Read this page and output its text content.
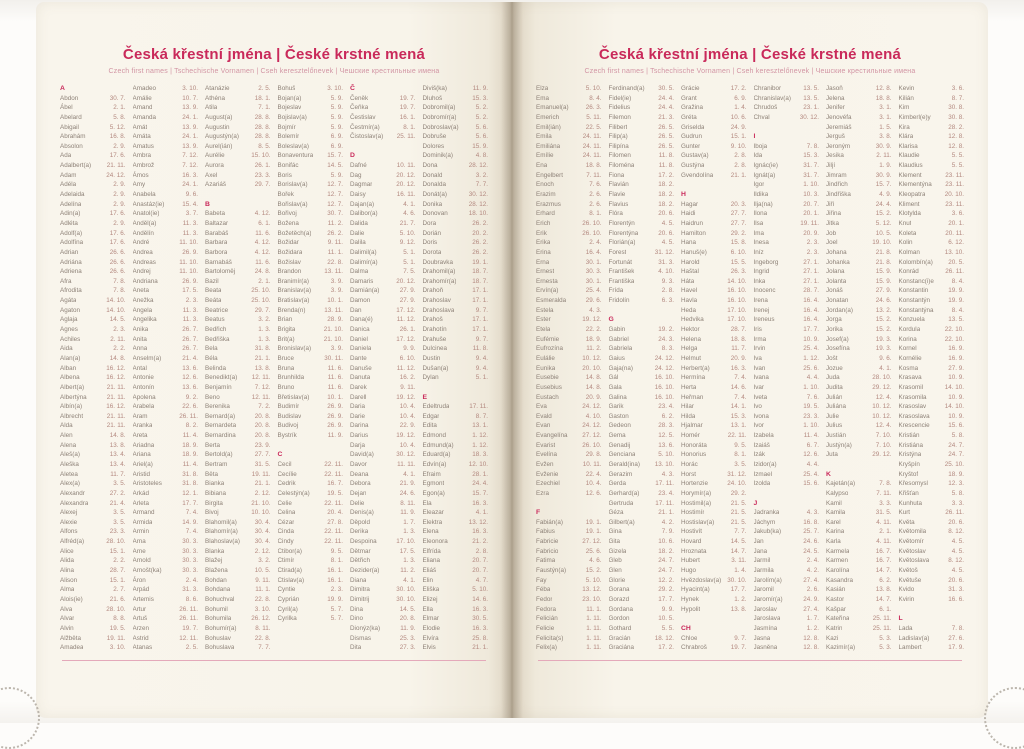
Česká křestní jména | České krstné mená
Czech first names | Tschechische Vornamen | Cseh keresztelőnevek | Чешские крестильные имена
A
Abdon	30. 7.
Ábel	2. 1.
Abelard	5. 8.
Abigail	5. 12.
Abrahám	16. 8.
Absolon	2. 9.
Ada	17. 6.
Adalbert(a)	21. 11.
Adam	24. 12.
Adéla	2. 9.
Adelaida	2. 9.
Adelína	2. 9.
Adin(a)	17. 6.
Adléta	2. 9.
Adolf(a)	17. 6.
Adolfína	17. 6.
Adrian	26. 6.
Adriána	26. 6.
Adriena	26. 6.
Afra	7. 8.
Afrodita	7. 8.
Agáta	14. 10.
Agaton	14. 10.
Aglaja	14. 5.
Agnes	2. 3.
Achiles	2. 11.
Aida	2. 2.
Alan(a)	14. 8.
Alban	16. 12.
Albena	16. 12.
Albert(a)	21. 11.
Albertýna	21. 11.
Albín(a)	16. 12.
Albrecht	21. 11.
Alda	21. 11.
Alen	14. 8.
Alena	13. 8.
Aleš(a)	13. 4.
Aleška	13. 4.
Aletea	11. 7.
Alex(a)	3. 5.
Alexandr	27. 2.
Alexandra	21. 4.
Alexej	3. 5.
Alexie	3. 5.
Alfons	23. 3.
Alfréd(a)	28. 10.
Alice	15. 1.
Alida	2. 2.
Alina	28. 7.
Alison	15. 1.
Alma	2. 7.
Alois(ie)	21. 6.
Alva	28. 10.
Alvar	8. 8.
Alvin	19. 5.
Alžběta	19. 11.
Amadea	3. 10.
Amadeo	3. 10.
Amálie	10. 7.
Amand	13. 9.
Amanda	24. 1.
Amát	13. 9.
Amáta	24. 1.
Amatus	13. 9.
Ambra	7. 12.
Ambrož	7. 12.
Ámos	16. 3.
Amy	24. 1.
Anabela	9. 6.
Anastáz(ie)	15. 4.
Anatol(ie)	3. 7.
Anděl(a)	11. 3.
Andělín	11. 3.
André	11. 10.
Andrea	26. 9.
Andreas	11. 10.
Andrej	11. 10.
Andriana	26. 9.
Aneta	17. 5.
Anežka	2. 3.
Angela	11. 3.
Angelika	11. 3.
Anika	26. 7.
Anita	26. 7.
Anna	26. 7.
Anselm(a)	21. 4.
Antal	13. 6.
Antonie	12. 6.
Antonín	13. 6.
Apolena	9. 2.
Arabela	22. 6.
Aram	26. 11.
Aranka	8. 2.
Areta	11. 4.
Ariadna	18. 9.
Ariana	18. 9.
Ariel(a)	11. 4.
Aristid	31. 8.
Aristoteles	31. 8.
Arkád	12. 1.
Arleta	17. 7.
Armand	7. 4.
Armida	14. 9.
Armin	7. 4.
Arna	30. 3.
Arne	30. 3.
Arnold	30. 3.
Arnošt(ka)	30. 3.
Áron	2. 4.
Arpád	31. 3.
Artemis	8. 6.
Artur	26. 11.
Artuš	26. 11.
Arzen	19. 7.
Astrid	12. 11.
Atanas	2. 5.
Atanázie	2. 5.
Athéna	18. 1.
Atila	7. 1.
August(a)	28. 8.
Augustin	28. 8.
Augustýn(a)	28. 8.
Aurel(ián)	8. 5.
Aurélie	15. 10.
Aurora	26. 1.
Axel	23. 3.
Azariáš	29. 7.
B
Babeta	4. 12.
Baltazar	6. 1.
Barabáš	11. 6.
Barbara	4. 12.
Barbora	4. 12.
Barnabáš	11. 6.
Bartoloměj	24. 8.
Bazil	2. 1.
Beata	25. 10.
Beáta	25. 10.
Beatrice	29. 7.
Beatus	3. 2.
Bedřich	1. 3.
Bedřiška	1. 3.
Bela	31. 8.
Béla	21. 1.
Belinda	13. 8.
Benedikt(a)	12. 11.
Benjamín	7. 12.
Beno	12. 11.
Berenika	7. 2.
Bernard(a)	20. 8.
Bernardeta	20. 8.
Bernardina	20. 8.
Berta	23. 9.
Bertold(a)	27. 7.
Bertram	31. 5.
Běta	19. 11.
Bianka	21. 1.
Bibiana	2. 12.
Birgita	21. 10.
Bivoj	10. 10.
Blahomil(a)	30. 4.
Blahomír(a)	30. 4.
Blahoslav(a)	30. 4.
Blanka	2. 12.
Blažej	3. 2.
Blažena	10. 5.
Bohdan	9. 11.
Bohdana	11. 1.
Bohuchval	22. 8.
Bohumil	3. 10.
Bohumila	26. 12.
Bohumír(a)	8. 11.
Bohuslav	22. 8.
Bohuslava	7. 7.
Bohuš	3. 10.
Bojan(a)	5. 9.
Bojeslav	5. 9.
Bojislav(a)	5. 9.
Bojmír	5. 9.
Bolemír	6. 9.
Boleslav(a)	6. 9.
Bonaventura	15. 7.
Bonifác	14. 5.
Boris	5. 9.
Borislav(a)	12. 7.
Bořek	12. 7.
Bořislav(a)	12. 7.
Bořivoj	30. 7.
Božena	11. 2.
Božetěch(a)	26. 2.
Božidar	9. 11.
Božidara	11. 1.
Božislav	22. 8.
Brandon	13. 11.
Branimír(a)	3. 9.
Branislav(a)	3. 9.
Bratislav(a)	10. 1.
Brenda(n)	13. 11.
Brian	28. 9.
Brigita	21. 10.
Brit(a)	21. 10.
Bronislav(a)	3. 9.
Bruce	30. 11.
Bruna	11. 6.
Brunhilda	11. 6.
Bruno	11. 6.
Břetislav(a)	10. 1.
Budimír	26. 9.
Budislav	26. 9.
Budivoj	26. 9.
Bystrík	11. 9.
C
Cecil	22. 11.
Cecílie	22. 11.
Cedrik	16. 7.
Celestýn(a)	19. 5.
Celie	22. 11.
Celina	20. 4.
Cézar	27. 8.
Cinda	22. 11.
Cindy	22. 11.
Ctibor(a)	9. 5.
Ctimír	8. 1.
Ctirad(a)	16. 1.
Ctislav(a)	16. 1.
Cyntie	2. 3.
Cyprián	19. 9.
Cyril(a)	5. 7.
Cyrilka	5. 7.
Č
Čeněk	19. 7.
Čeňka	19. 7.
Čestislav	16. 1.
Čestmír(a)	8. 1.
Čistoslav(a)	25. 11.
D
Dafné	10. 11.
Dag	20. 12.
Dagmar	20. 12.
Daisy	16. 11.
Dajan(a)	4. 1.
Dalibor(a)	4. 6.
Dalida	21. 7.
Dalie	5. 10.
Dalila	9. 12.
Dalimil(a)	5. 1.
Dalimír(a)	5. 1.
Dalma	7. 5.
Damaris	20. 12.
Damián(a)	27. 9.
Damon	27. 9.
Dan	17. 12.
Dana(é)	11. 12.
Danica	26. 1.
Daniel	17. 12.
Daniela	9. 9.
Dante	6. 10.
Danuše	11. 12.
Danuta	16. 2.
Darek	9. 11.
Darell	19. 12.
Daria	10. 4.
Darie	10. 4.
Darina	22. 9.
Darius	19. 12.
Darja	10. 4.
David(a)	30. 12.
Davor	11. 11.
Deana	4. 1.
Debora	21. 9.
Dejan	24. 6.
Delie	8. 11.
Denis(a)	11. 9.
Děpold	1. 7.
Derika	1. 3.
Despoina	17. 10.
Dětmar	17. 5.
Dětřich	1. 3.
Dezider(a)	11. 2.
Diana	4. 1.
Dimitra	30. 10.
Dimitrij	30. 10.
Dina	14. 5.
Dino	20. 8.
Dionýz(ka)	11. 9.
Dismas	25. 3.
Dita	27. 3.
Diviš(ka)	11. 9.
Dluhoš	15. 3.
Dobromil(a)	5. 2.
Dobromír(a)	5. 2.
Dobroslav(a)	5. 6.
Dobruše	5. 6.
Dolores	15. 9.
Dominik(a)	4. 8.
Dona	28. 12.
Donald	3. 2.
Donalda	7. 7.
Donát(a)	30. 12.
Donika	28. 12.
Donovan	18. 10.
Dora	26. 2.
Dorián	20. 2.
Doris	26. 2.
Dorota	26. 2.
Doubravka	19. 1.
Drahomil(a)	18. 7.
Drahomír(a)	18. 7.
Drahoň	17. 1.
Drahoslav	17. 1.
Drahoslava	9. 7.
Drahoš	17. 1.
Drahotín	17. 1.
Drahuše	9. 7.
Dulcinea	11. 8.
Dustin	9. 4.
Dušan(a)	9. 4.
Dylan	5. 1.
E
Edeltruda	17. 11.
Edgar	8. 7.
Edita	13. 1.
Edmond	1. 12.
Edmund(a)	1. 12.
Eduard(a)	18. 3.
Edvín(a)	12. 10.
Efraim	28. 1.
Egmont	24. 4.
Egon(a)	15. 7.
Ela	16. 3.
Eleazar	4. 1.
Elektra	13. 12.
Elena	16. 3.
Eleonora	21. 2.
Elfrída	2. 8.
Eliana	20. 7.
Eliáš	20. 7.
Elin	4. 7.
Eliška	5. 10.
Elizej	14. 6.
Ella	16. 3.
Elmar	30. 5.
Elodie	16. 3.
Elvíra	25. 8.
Elvis	21. 1.
Česká křestní jména | České krstné mená
Czech first names | Tschechische Vornamen | Cseh keresztelőnevek | Чешские крестильные имена
Elza	5. 10.
Ema	8. 4.
Emanuel(a)	26. 3.
Emerich	5. 11.
Emil(ián)	22. 5.
Emila	24. 11.
Emiliána	24. 11.
Emílie	24. 11.
Ena	18. 8.
Engelbert	7. 11.
Enoch	7. 6.
Erazim	2. 6.
Erazmus	2. 6.
Erhard	8. 1.
Erich	26. 10.
Erik	26. 10.
Erika	2. 4.
Erina	16. 4.
Erna	30. 1.
Ernest	30. 3.
Ernesta	30. 1.
Ervín(a)	25. 4.
Esmeralda	29. 6.
Estela	4. 3.
Ester	19. 12.
Etela	22. 2.
Eufémie	18. 9.
Eufrozína	11. 2.
Eulálie	10. 12.
Eunika	20. 10.
Eusebie	14. 8.
Eusebius	14. 8.
Eustach	20. 9.
Eva	24. 12.
Evald	4. 10.
Evan	24. 12.
Evangelína	27. 12.
Evarist	26. 10.
Evelína	29. 8.
Evžen	10. 11.
Evženie	22. 4.
Ezechiel	10. 4.
Ezra	12. 6.
F
Fabián(a)	19. 1.
Fabius	19. 1.
Fabricie	27. 12.
Fabricio	25. 6.
Fatima	4. 6.
Faustýn(a)	15. 2.
Fay	5. 10.
Féba	13. 12.
Fedor	23. 10.
Fedora	11. 1.
Felicián	1. 11.
Felicie	1. 11.
Felicita(s)	1. 11.
Felix(a)	1. 11.
Ferdinand(a)	30. 5.
Fidel(ie)	24. 4.
Fidelius	24. 4.
Filemon	21. 3.
Filibert	26. 5.
Filip(a)	26. 5.
Filipína	26. 5.
Filomen	11. 8.
Filoména	11. 8.
Fiona	17. 2.
Flavián	18. 2.
Flavie	18. 2.
Flavius	18. 2.
Flóra	20. 6.
Florentýn	4. 5.
Florentýna	20. 6.
Florián(a)	4. 5.
Forest	31. 12.
Fortunát	31. 3.
František	4. 10.
Františka	9. 3.
Frída	2. 8.
Fridolín	6. 3.
G
Gabin	19. 2.
Gabriel	24. 3.
Gabriela	8. 3.
Gaius	24. 12.
Gaja(na)	24. 12.
Gál	16. 10.
Gala	16. 10.
Galina	16. 10.
Garik	23. 4.
Gaston	6. 2.
Gedeon	28. 3.
Gema	12. 5.
Genadij	13. 6.
Genciana	5. 10.
Gerald(ina)	13. 10.
Gerazim	4. 3.
Gerda	17. 11.
Gerhard(a)	23. 4.
Gertruda	17. 11.
Géza	21. 1.
Gilbert(a)	4. 2.
Gina	7. 9.
Gita	10. 6.
Gizela	18. 2.
Gleb	24. 7.
Glen	24. 7.
Glorie	12. 2.
Gorana	29. 2.
Gorazd	17. 7.
Gordana	9. 9.
Gordon	10. 5.
Gothard	5. 5.
Gracián	18. 12.
Graciána	17. 2.
Grácie	17. 2.
Grant	6. 9.
Gražina	1. 4.
Gréta	10. 6.
Griselda	24. 9.
Gudrun	15. 1.
Gunter	9. 10.
Gustav(a)	2. 8.
Gustýna	2. 8.
Gvendolína	21. 1.
H
Hagar	20. 3.
Haidi	27. 7.
Haidrun	27. 7.
Hamilton	29. 2.
Hana	15. 8.
Hanuš(e)	6. 10.
Harold	15. 5.
Haštal	26. 3.
Háta	14. 10.
Havel	16. 10.
Havla	16. 10.
Heda	17. 10.
Hedvika	17. 10.
Hektor	28. 7.
Helena	18. 8.
Helga	11. 7.
Helmut	20. 9.
Herbert(a)	16. 3.
Hermína	7. 4.
Herta	14. 6.
Heřman	7. 4.
Hilar	14. 1.
Hilda	15. 3.
Hjalmar	13. 1.
Homér	22. 11.
Honoráta	9. 5.
Honorius	8. 1.
Horác	3. 5.
Horst	31. 12.
Hortenzie	24. 10.
Horymír(a)	29. 2.
Hostimil(a)	21. 5.
Hostimír	21. 5.
Hostislav(a)	21. 5.
Hostivít	7. 7.
Hovard	14. 5.
Hroznata	14. 7.
Hubert	3. 11.
Hugo	1. 4.
Hvězdoslav(a) 30. 10.
Hyacint(a)	17. 7.
Hynek	1. 2.
Hypolit	13. 8.
CH
Chloe	9. 7.
Chrabroš	19. 7.
Chranibor	13. 5.
Chranislav(a)	13. 5.
Chrudoš	23. 1.
Chval	30. 12.
I
Iboja	7. 8.
Ida	15. 3.
Ignác(ie)	31. 7.
Ignát(a)	31. 7.
Igor	1. 10.
Ildika	10. 3.
Ilja(na)	20. 7.
Ilona	20. 1.
Ilsa	19. 11.
Ima	20. 9.
Inesa	2. 3.
Iníz	2. 3.
Ingeborg	27. 1.
Ingrid	27. 1.
Inka	27. 1.
Inocenc	28. 7.
Irena	16. 4.
Irenej	16. 4.
Ireneus	16. 4.
Iris	17. 7.
Irma	10. 9.
Irvin	25. 4.
Iva	1. 12.
Ivan	25. 6.
Ivana	4. 4.
Ivar	1. 10.
Iveta	7. 6.
Ivo	19. 5.
Ivona	23. 3.
Ivor	1. 10.
Izabela	11. 4.
Izaiáš	6. 7.
Izák	12. 6.
Izidor(a)	4. 4.
Izmael	25. 4.
Izolda	15. 6.
J
Jadranka	4. 3.
Jáchym	16. 8.
Jakub(ka)	25. 7.
Jan	24. 6.
Jana	24. 5.
Jarmil	2. 4.
Jarmila	4. 2.
Jarolím(a)	27. 4.
Jaromil	2. 6.
Jaromír(a)	24. 9.
Jaroslav	27. 4.
Jaroslava	1. 7.
Jasmína	1. 2.
Jasna	12. 8.
Jasněna	12. 8.
Jasoň	12. 8.
Jelena	18. 8.
Jenifer	3. 1.
Jenovéfa	3. 1.
Jeremiáš	1. 5.
Jerguš	3. 8.
Jeroným	30. 9.
Jesika	2. 11.
Jiljí	1. 9.
Jimram	30. 9.
Jindřich	15. 7.
Jindřiška	4. 9.
Jiří	24. 4.
Jiřina	15. 2.
Jitka	5. 12.
Job	10. 5.
Joel	19. 10.
Johana	21. 8.
Johanka	21. 8.
Jolana	15. 9.
Jolanta	15. 9.
Jonáš	27. 9.
Jonatan	24. 6.
Jordan(a)	13. 2.
Jorga	15. 2.
Jorika	15. 2.
Josef(a)	19. 3.
Josefína	19. 3.
Jošt	9. 6.
Jozue	4. 1.
Juda	28. 10.
Judita	29. 12.
Julián	12. 4.
Juliána	10. 12.
Julie	10. 12.
Julius	12. 4.
Justián	7. 10.
Justýn(a)	7. 10.
Juta	29. 12.
K
Kajetán(a)	7. 8.
Kalypso	7. 11.
Kamil	3. 3.
Kamila	31. 5.
Karel	4. 11.
Karina	2. 1.
Karla	4. 11.
Karmela	16. 7.
Karmen	16. 7.
Karolína	14. 7.
Kasandra	6. 2.
Kasián	13. 8.
Kastor	14. 7.
Kašpar	6. 1.
Kateřina	25. 11.
Katrin	25. 11.
Kazi	5. 3.
Kazimír(a)	5. 3.
Kevin	3. 6.
Kilián	8. 7.
Kim	30. 8.
Kimberl(e)y	30. 8.
Kira	28. 2.
Klára	12. 8.
Klarisa	12. 8.
Klaudie	5. 5.
Klaudius	5. 5.
Klement	23. 11.
Klementýna	23. 11.
Kleopatra	20. 10.
Kliment	23. 11.
Klotylda	3. 6.
Knut	20. 1.
Koleta	20. 11.
Kolin	6. 12.
Kolman	13. 10.
Kolombín(a)	20. 5.
Konrád	26. 11.
Konstanc(i)e	8. 4.
Konstantin	19. 9.
Konstantýn	19. 9.
Konstantýna	8. 4.
Konzuela	13. 5.
Kordula	22. 10.
Korina	22. 10.
Kornel	16. 9.
Kornélie	16. 9.
Kosma	27. 9.
Krasava	10. 9.
Krasomil	14. 10.
Krasomila	10. 9.
Krasoslav	14. 10.
Krasoslava	10. 9.
Krescencie	15. 6.
Kristián	5. 8.
Kristiána	24. 7.
Kristýna	24. 7.
Kryšpín	25. 10.
Kryštof	18. 9.
Křesomysl	12. 3.
Křišťan	5. 8.
Kunhuta	3. 3.
Kurt	26. 11.
Květa	20. 6.
Květomila	8. 12.
Květomír	4. 5.
Květoslav	4. 5.
Květoslava	8. 12.
Květoš	4. 5.
Květuše	20. 6.
Kvido	31. 3.
Kvirin	16. 6.
L
Lada	7. 8.
Ladislav(a)	27. 6.
Lambert	17. 9.
